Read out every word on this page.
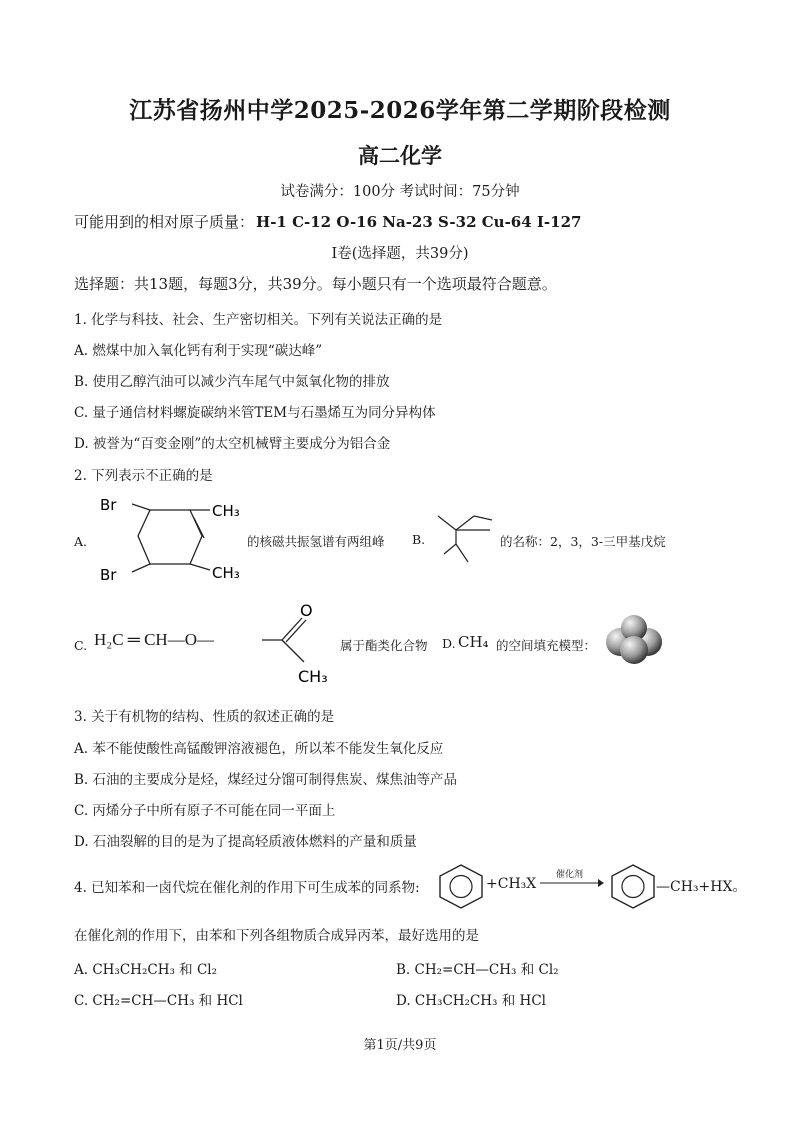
江苏省扬州中学2025-2026学年第二学期阶段检测
高二化学
试卷满分：100分 考试时间：75分钟
可能用到的相对原子质量： H-1 C-12 O-16 Na-23 S-32 Cu-64 I-127
Ⅰ卷(选择题，共39分)
选择题：共13题，每题3分，共39分。每小题只有一个选项最符合题意。
1. 化学与科技、社会、生产密切相关。下列有关说法正确的是
A. 燃煤中加入氧化钙有利于实现“碳达峰”
B. 使用乙醇汽油可以减少汽车尾气中氮氧化物的排放
C. 量子通信材料螺旋碳纳米管TEM与石墨烯互为同分异构体
D. 被誉为“百变金刚”的太空机械臂主要成分为铝合金
2. 下列表示不正确的是
A.
Br
Br
CH₃
CH₃
的核磁共振氢谱有两组峰 B.	的名称：2，3，3-三甲基戊烷
C. H₂C ═ CH—O—
O
CH₃
属于酯类化合物 D. CH₄ 的空间填充模型：
3. 关于有机物的结构、性质的叙述正确的是
A. 苯不能使酸性高锰酸钾溶液褪色，所以苯不能发生氧化反应
B. 石油的主要成分是烃，煤经过分馏可制得焦炭、煤焦油等产品
C. 丙烯分子中所有原子不可能在同一平面上
D. 石油裂解的目的是为了提高轻质液体燃料的产量和质量
4. 已知苯和一卤代烷在催化剂的作用下可生成苯的同系物:	+CH₃X
催化剂
—CH₃+HX。
在催化剂的作用下，由苯和下列各组物质合成异丙苯，最好选用的是
A. CH₃CH₂CH₃ 和 Cl₂	B. CH₂=CH—CH₃ 和 Cl₂
C. CH₂=CH—CH₃ 和 HCl	D. CH₃CH₂CH₃ 和 HCl
第1页/共9页
